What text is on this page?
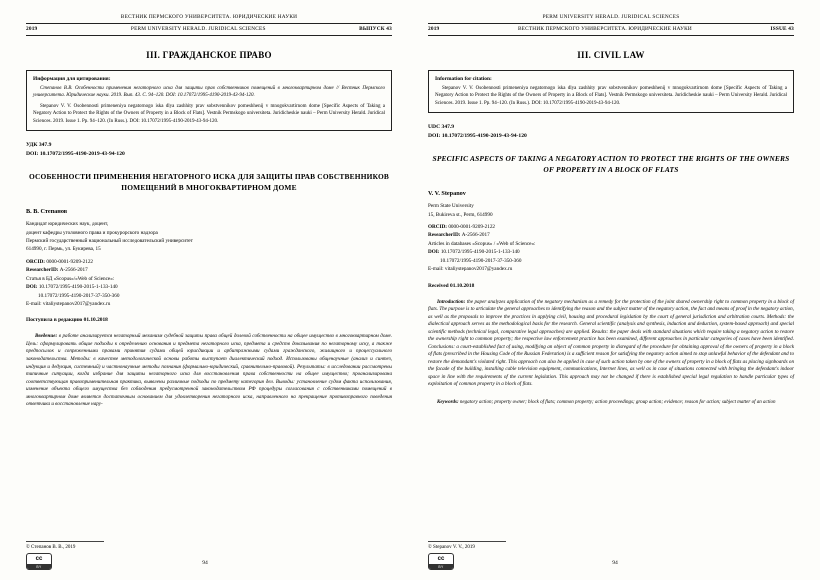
ВЕСТНИК ПЕРМСКОГО УНИВЕРСИТЕТА. ЮРИДИЧЕСКИЕ НАУКИ
2019	PERM UNIVERSITY HERALD. JURIDICAL SCIENCES	ВЫПУСК 43
III. ГРАЖДАНСКОЕ ПРАВО
Информация для цитирования:
Степанов В.В. Особенности применения негаторного иска для защиты прав собственников помещений в многоквартирном доме // Вестник Пермского университета. Юридические науки. 2019. Вып. 43. C. 94–120. DOI: 10.17072/1995-4190-2019-43-94-120.
Stepanov V. V. Osobennosti primeneniya negatornogo iska dlya zashhity prav sobstvennikov pomeshhenij v mnogokvartirnom dome [Specific Aspects of Taking a Negatory Action to Protect the Rights of the Owners of Property in a Block of Flats]. Vestnik Permskogo universiteta. Juridicheskie nauki – Perm University Herald. Juridical Sciences. 2019. Issue 1. Pp. 94–120. (In Russ.). DOI: 10.17072/1995-4190-2019-43-94-120.
УДК 347.9
DOI: 10.17072/1995-4190-2019-43-94-120
ОСОБЕННОСТИ ПРИМЕНЕНИЯ НЕГАТОРНОГО ИСКА ДЛЯ ЗАЩИТЫ ПРАВ СОБСТВЕННИКОВ ПОМЕЩЕНИЙ В МНОГОКВАРТИРНОМ ДОМЕ
В. В. Степанов
Кандидат юридических наук, доцент,
доцент кафедры уголовного права и прокурорского надзора
Пермский государственный национальный исследовательский университет
614990, г. Пермь, ул. Букирева, 15
ORCID: 0000-0001-9209-2122
ResearcherID: A-2566-2017
Статья в БД «Scopus»/«Web of Science»:
DOI: 10.17072/1995-4190-2015-1-133-140
10.17072/1995-4190-2017-37-350-360
E-mail: vitaliystepanov2017@yandex.ru
Поступила в редакцию 01.10.2018
Введение: в работе анализируется негаторный механизм судебной защиты права общей долевой собственности на общее имущество в многоквартирном доме. Цель: сформулировать общие подходы к определению основания и предмета негаторного иска, предмета и средств доказывания по негаторному иску, а также предпосылок и сопряженными правами принятия судами общей юрисдикции и арбитражными судами гражданского, жилищного и процессуального законодательства. Методы: в качестве методологической основы работы выступает диалектический подход. Использованы общенаучные (анализ и синтез, индукция и дедукция, системный) и частнонаучные методы познания (формально-юридический, сравнительно-правовой). Результаты: в исследовании рассмотрены типичные ситуации, когда избрание для защиты негаторного иска для восстановления права собственности на общее имущество; проанализирована соответствующая правоприменительная практика, выявлены различные подходы по предмету категория дел. Выводы: установление судом факта использования, изменение объекта общего имущества без соблюдения предусмотренной законодательством РФ процедуры согласования с собственниками помещений в многоквартирном доме является достаточным основанием для удовлетворения негаторного иска, направленного на прекращение противоправного поведения ответчика и восстановление нару-
© Степанов В. В., 2019
cc
BY
94
PERM UNIVERSITY HERALD. JURIDICAL SCIENCES
2019	ВЕСТНИК ПЕРМСКОГО УНИВЕРСИТЕТА. ЮРИДИЧЕСКИЕ НАУКИ	ISSUE 43
III. CIVIL LAW
Information for citation:
Stepanov V. V. Osobennosti primeneniya negatornogo iska dlya zashhity prav sobstvennikov pomeshhenij v mnogokvartirnom dome [Specific Aspects of Taking a Negatory Action to Protect the Rights of the Owners of Property in a Block of Flats]. Vestnik Permskogo universiteta. Juridicheskie nauki – Perm University Herald. Juridical Sciences. 2019. Issue 1. Pp. 94–120. (In Russ.). DOI: 10.17072/1995-4190-2019-43-94-120.
UDC 347.9
DOI: 10.17072/1995-4190-2019-43-94-120
SPECIFIC ASPECTS OF TAKING A NEGATORY ACTION TO PROTECT THE RIGHTS OF THE OWNERS OF PROPERTY IN A BLOCK OF FLATS
V. V. Stepanov
Perm State University
15, Bukireva st., Perm, 614990
ORCID: 0000-0001-9209-2122
ResearcherID: A-2566-2017
Articles in databases «Scopus» / «Web of Science»:
DOI: 10.17072/1995-4190-2015-1-133-140
10.17072/1995-4190-2017-37-350-360
E-mail: vitaliystepanov2017@yandex.ru
Received 01.10.2018
Introduction: the paper analyzes application of the negatory mechanism as a remedy for the protection of the joint shared ownership right to common property in a block of flats. The purpose is to articulate the general approaches to identifying the reason and the subject matter of the negatory action, the fact and means of proof in the negatory action, as well as the proposals to improve the practices in applying civil, housing and procedural legislation by the court of general jurisdiction and arbitration courts. Methods: the dialectical approach serves as the methodological basis for the research. General scientific (analysis and synthesis, induction and deduction, system-based approach) and special scientific methods (technical legal, comparative legal approaches) are applied. Results: the paper deals with standard situations which require taking a negatory action to restore the ownership right to common property; the respective law enforcement practice has been examined, different approaches in particular categories of cases have been identified. Conclusions: a court-established fact of using, modifying an object of common property in disregard of the procedure for obtaining approval of the owners of property in a block of flats (prescribed in the Housing Code of the Russian Federation) is a sufficient reason for satisfying the negatory action aimed to stop unlawful behavior of the defendant and to restore the demandant's violated right. This approach can also be applied in case of such action taken by one of the owners of property in a block of flats as placing signboards on the facade of the building, installing cable television equipment, communications, Internet lines, as well as in case of situations connected with bringing the defendant's indoor space in line with the requirements of the current legislation. This approach may not be changed if there is established special legal regulation to handle particular types of exploitation of common property in a block of flats.
Keywords: negatory action; property owner; block of flats; common property; action proceedings; group action; evidence; reason for action; subject matter of an action
© Stepanov V. V., 2019
cc
BY
94
